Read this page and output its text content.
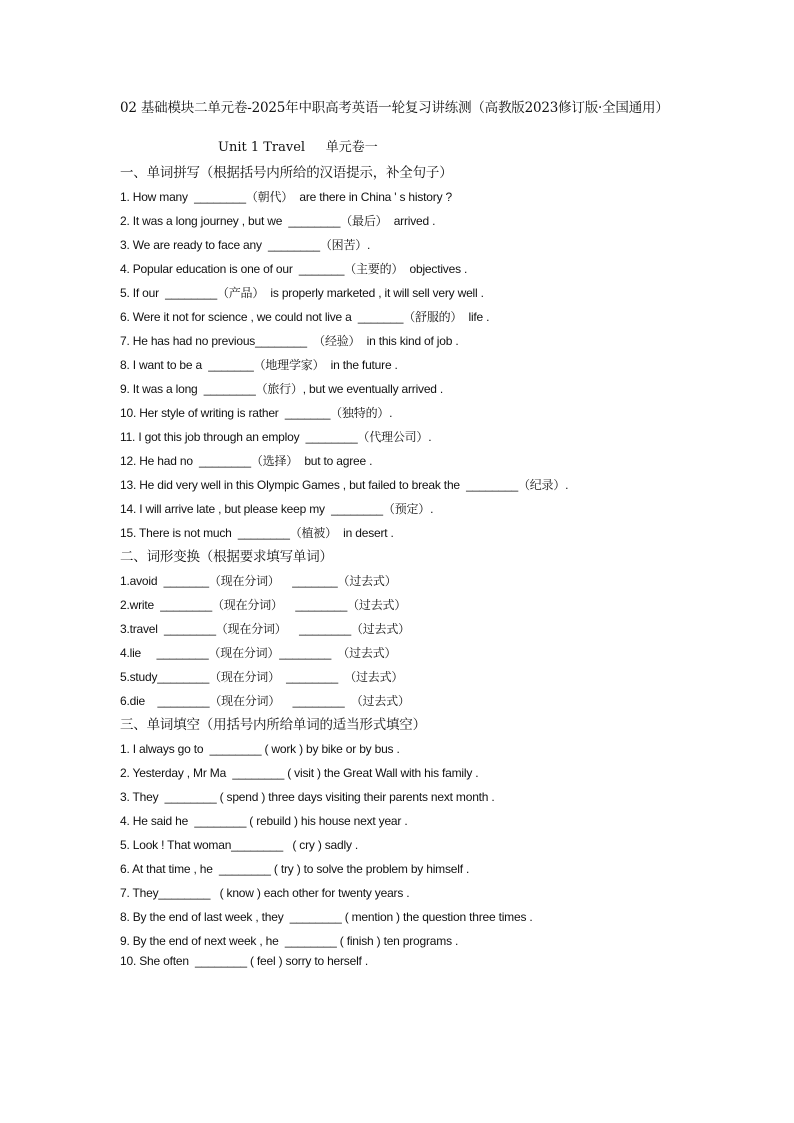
02 基础模块二单元卷-2025年中职高考英语一轮复习讲练测（高教版2023修订版·全国通用）
Unit 1 Travel     单元卷一
一、单词拼写（根据括号内所给的汉语提示，补全句子）
1. How many  ________（朝代）  are there in China ' s history ?
2. It was a long journey , but we  ________（最后）  arrived .
3. We are ready to face any  ________（困苦）.
4. Popular education is one of our  _______（主要的）  objectives .
5. If our  ________（产品）  is properly marketed , it will sell very well .
6. Were it not for science , we could not live a  _______（舒服的）  life .
7. He has had no previous________  （经验）  in this kind of job .
8. I want to be a  _______（地理学家）  in the future .
9. It was a long  ________（旅行）, but we eventually arrived .
10. Her style of writing is rather  _______（独特的）.
11. I got this job through an employ  ________（代理公司）.
12. He had no  ________（选择）  but to agree .
13. He did very well in this Olympic Games , but failed to break the  ________（纪录）.
14. I will arrive late , but please keep my  ________（预定）.
15. There is not much  ________（植被）  in desert .
二、词形变换（根据要求填写单词）
1.avoid  _______（现在分词）    _______（过去式）
2.write  ________（现在分词）    ________（过去式）
3.travel  ________（现在分词）    ________（过去式）
4.lie     ________（现在分词）________  （过去式）
5.study________（现在分词）  ________  （过去式）
6.die    ________（现在分词）    ________  （过去式）
三、单词填空（用括号内所给单词的适当形式填空）
1. I always go to  ________ ( work ) by bike or by bus .
2. Yesterday , Mr Ma  ________ ( visit ) the Great Wall with his family .
3. They  ________ ( spend ) three days visiting their parents next month .
4. He said he  ________ ( rebuild ) his house next year .
5. Look ! That woman________   ( cry ) sadly .
6. At that time , he  ________ ( try ) to solve the problem by himself .
7. They________   ( know ) each other for twenty years .
8. By the end of last week , they  ________ ( mention ) the question three times .
9. By the end of next week , he  ________ ( finish ) ten programs .
10. She often  ________ ( feel ) sorry to herself .
